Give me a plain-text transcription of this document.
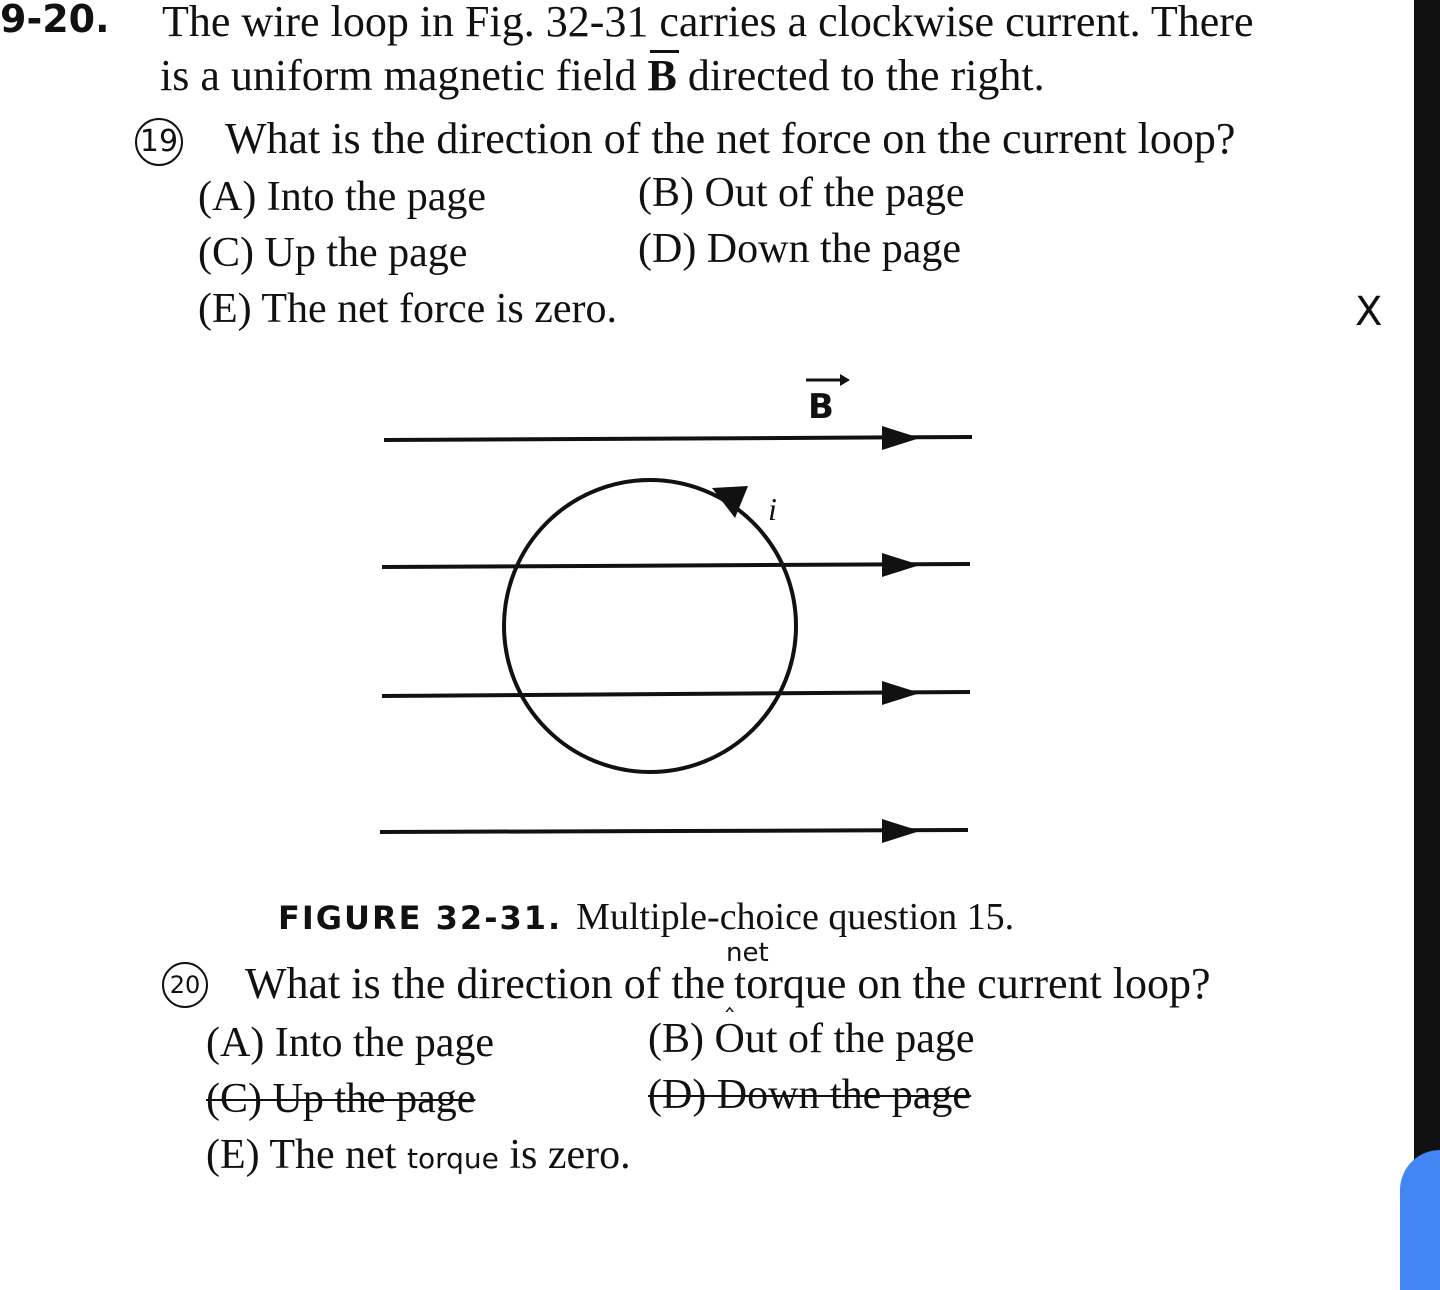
9-20. The wire loop in Fig. 32-31 carries a clockwise current. There
is a uniform magnetic field B directed to the right.
19 What is the direction of the net force on the current loop?
(A) Into the page	(B) Out of the page
(C) Up the page	(D) Down the page
(E) The net force is zero.	X
B
i
FIGURE 32-31. Multiple-choice question 15.
net
20 What is the direction of the‸torque on the current loop?
(A) Into the page	(B) Out of the page
(C) Up the page	(D) Down the page
(E) The net torque is zero.
